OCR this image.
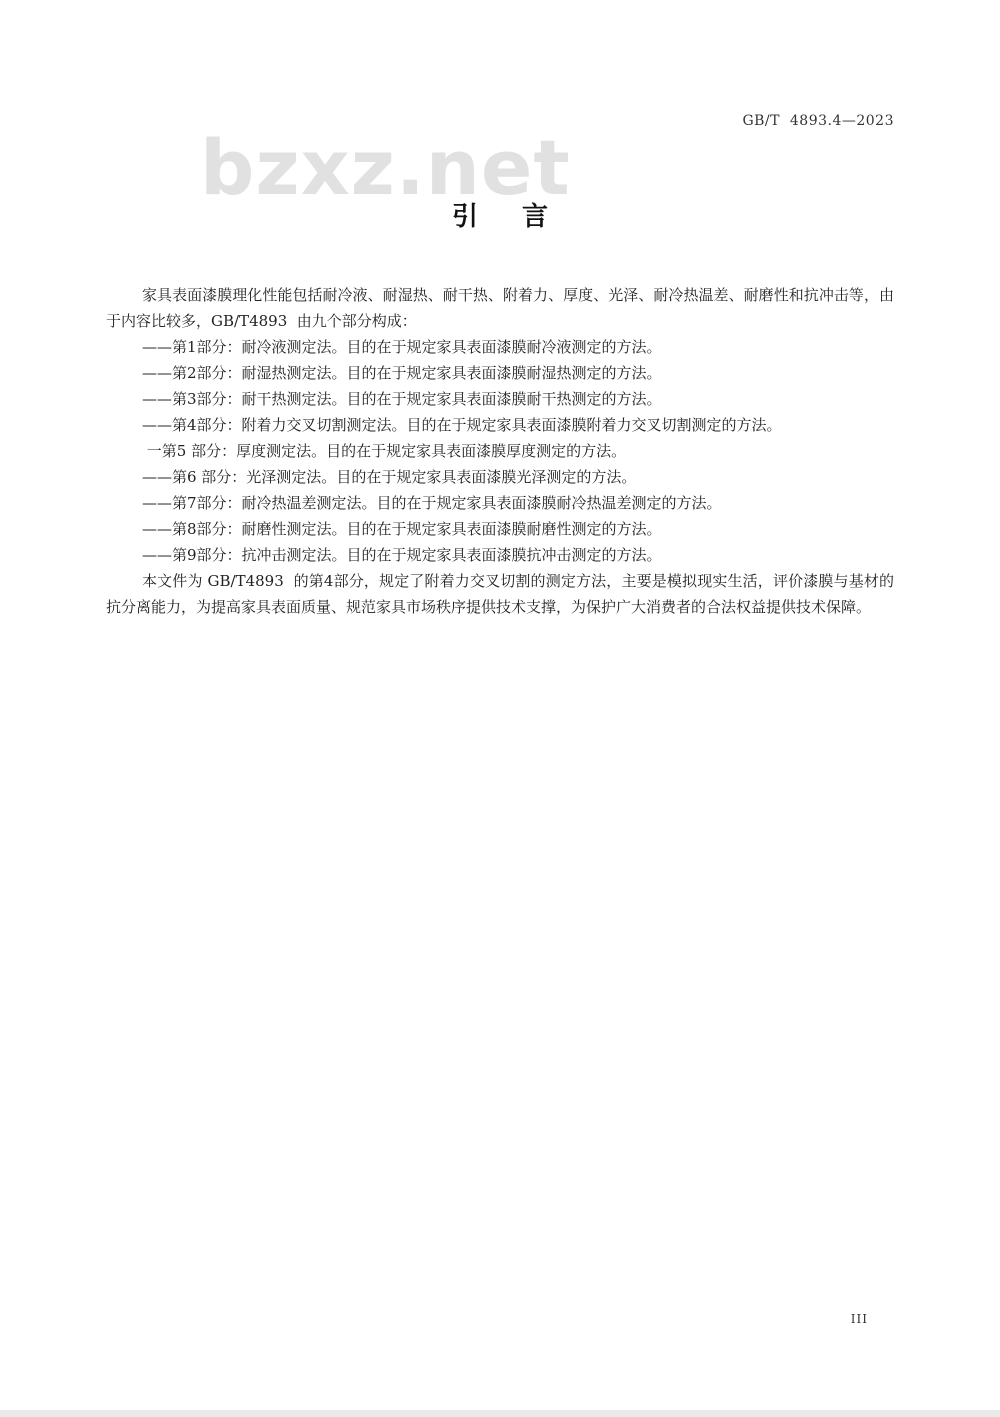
GB/T  4893.4—2023
bzxz.net
引言

家具表面漆膜理化性能包括耐冷液、耐湿热、耐干热、附着力、厚度、光泽、耐冷热温差、耐磨性和抗冲击等，由于内容比较多，GB/T4893  由九个部分构成：

——第1部分：耐冷液测定法。目的在于规定家具表面漆膜耐冷液测定的方法。
——第2部分：耐湿热测定法。目的在于规定家具表面漆膜耐湿热测定的方法。
——第3部分：耐干热测定法。目的在于规定家具表面漆膜耐干热测定的方法。
——第4部分：附着力交叉切割测定法。目的在于规定家具表面漆膜附着力交叉切割测定的方法。
一第5 部分：厚度测定法。目的在于规定家具表面漆膜厚度测定的方法。
——第6 部分：光泽测定法。目的在于规定家具表面漆膜光泽测定的方法。
——第7部分：耐冷热温差测定法。目的在于规定家具表面漆膜耐冷热温差测定的方法。
——第8部分：耐磨性测定法。目的在于规定家具表面漆膜耐磨性测定的方法。
——第9部分：抗冲击测定法。目的在于规定家具表面漆膜抗冲击测定的方法。

本文件为 GB/T4893  的第4部分，规定了附着力交叉切割的测定方法，主要是模拟现实生活，评价漆膜与基材的抗分离能力，为提高家具表面质量、规范家具市场秩序提供技术支撑，为保护广大消费者的合法权益提供技术保障。

III
